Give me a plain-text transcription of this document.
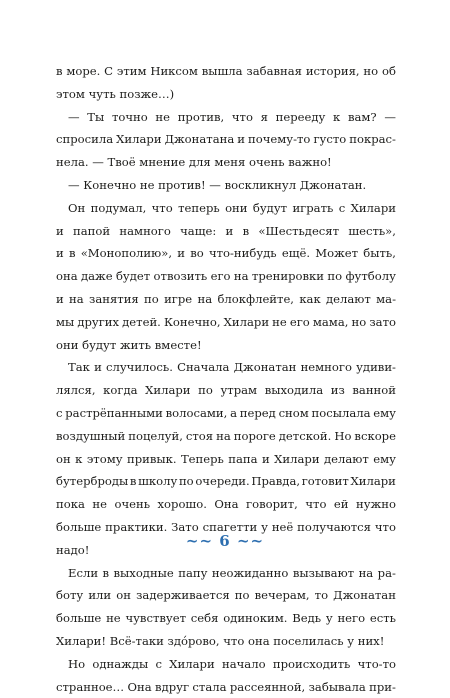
в море. С этим Никсом вышла забавная история, но об
этом чуть позже…)
— Ты точно не против, что я перееду к вам? —
спросила Хилари Джонатана и почему-то густо покрас-
нела. — Твоё мнение для меня очень важно!
— Конечно не против! — воскликнул Джонатан.
Он подумал, что теперь они будут играть с Хилари
и папой намного чаще: и в «Шестьдесят шесть»,
и в «Монополию», и во что-нибудь ещё. Может быть,
она даже будет отвозить его на тренировки по футболу
и на занятия по игре на блокфлейте, как делают ма-
мы других детей. Конечно, Хилари не его мама, но зато
они будут жить вместе!
Так и случилось. Сначала Джонатан немного удиви-
лялся, когда Хилари по утрам выходила из ванной
с растрёпанными волосами, а перед сном посылала ему
воздушный поцелуй, стоя на пороге детской. Но вскоре
он к этому привык. Теперь папа и Хилари делают ему
бутерброды в школу по очереди. Правда, готовит Хилари
пока не очень хорошо. Она говорит, что ей нужно
больше практики. Зато спагетти у неё получаются что
надо!
Если в выходные папу неожиданно вызывают на ра-
боту или он задерживается по вечерам, то Джонатан
больше не чувствует себя одиноким. Ведь у него есть
Хилари! Всё-таки здóрово, что она поселилась у них!
Но однажды с Хилари начало происходить что-то
странное… Она вдруг стала рассеянной, забывала при-
~~ 6 ~~
